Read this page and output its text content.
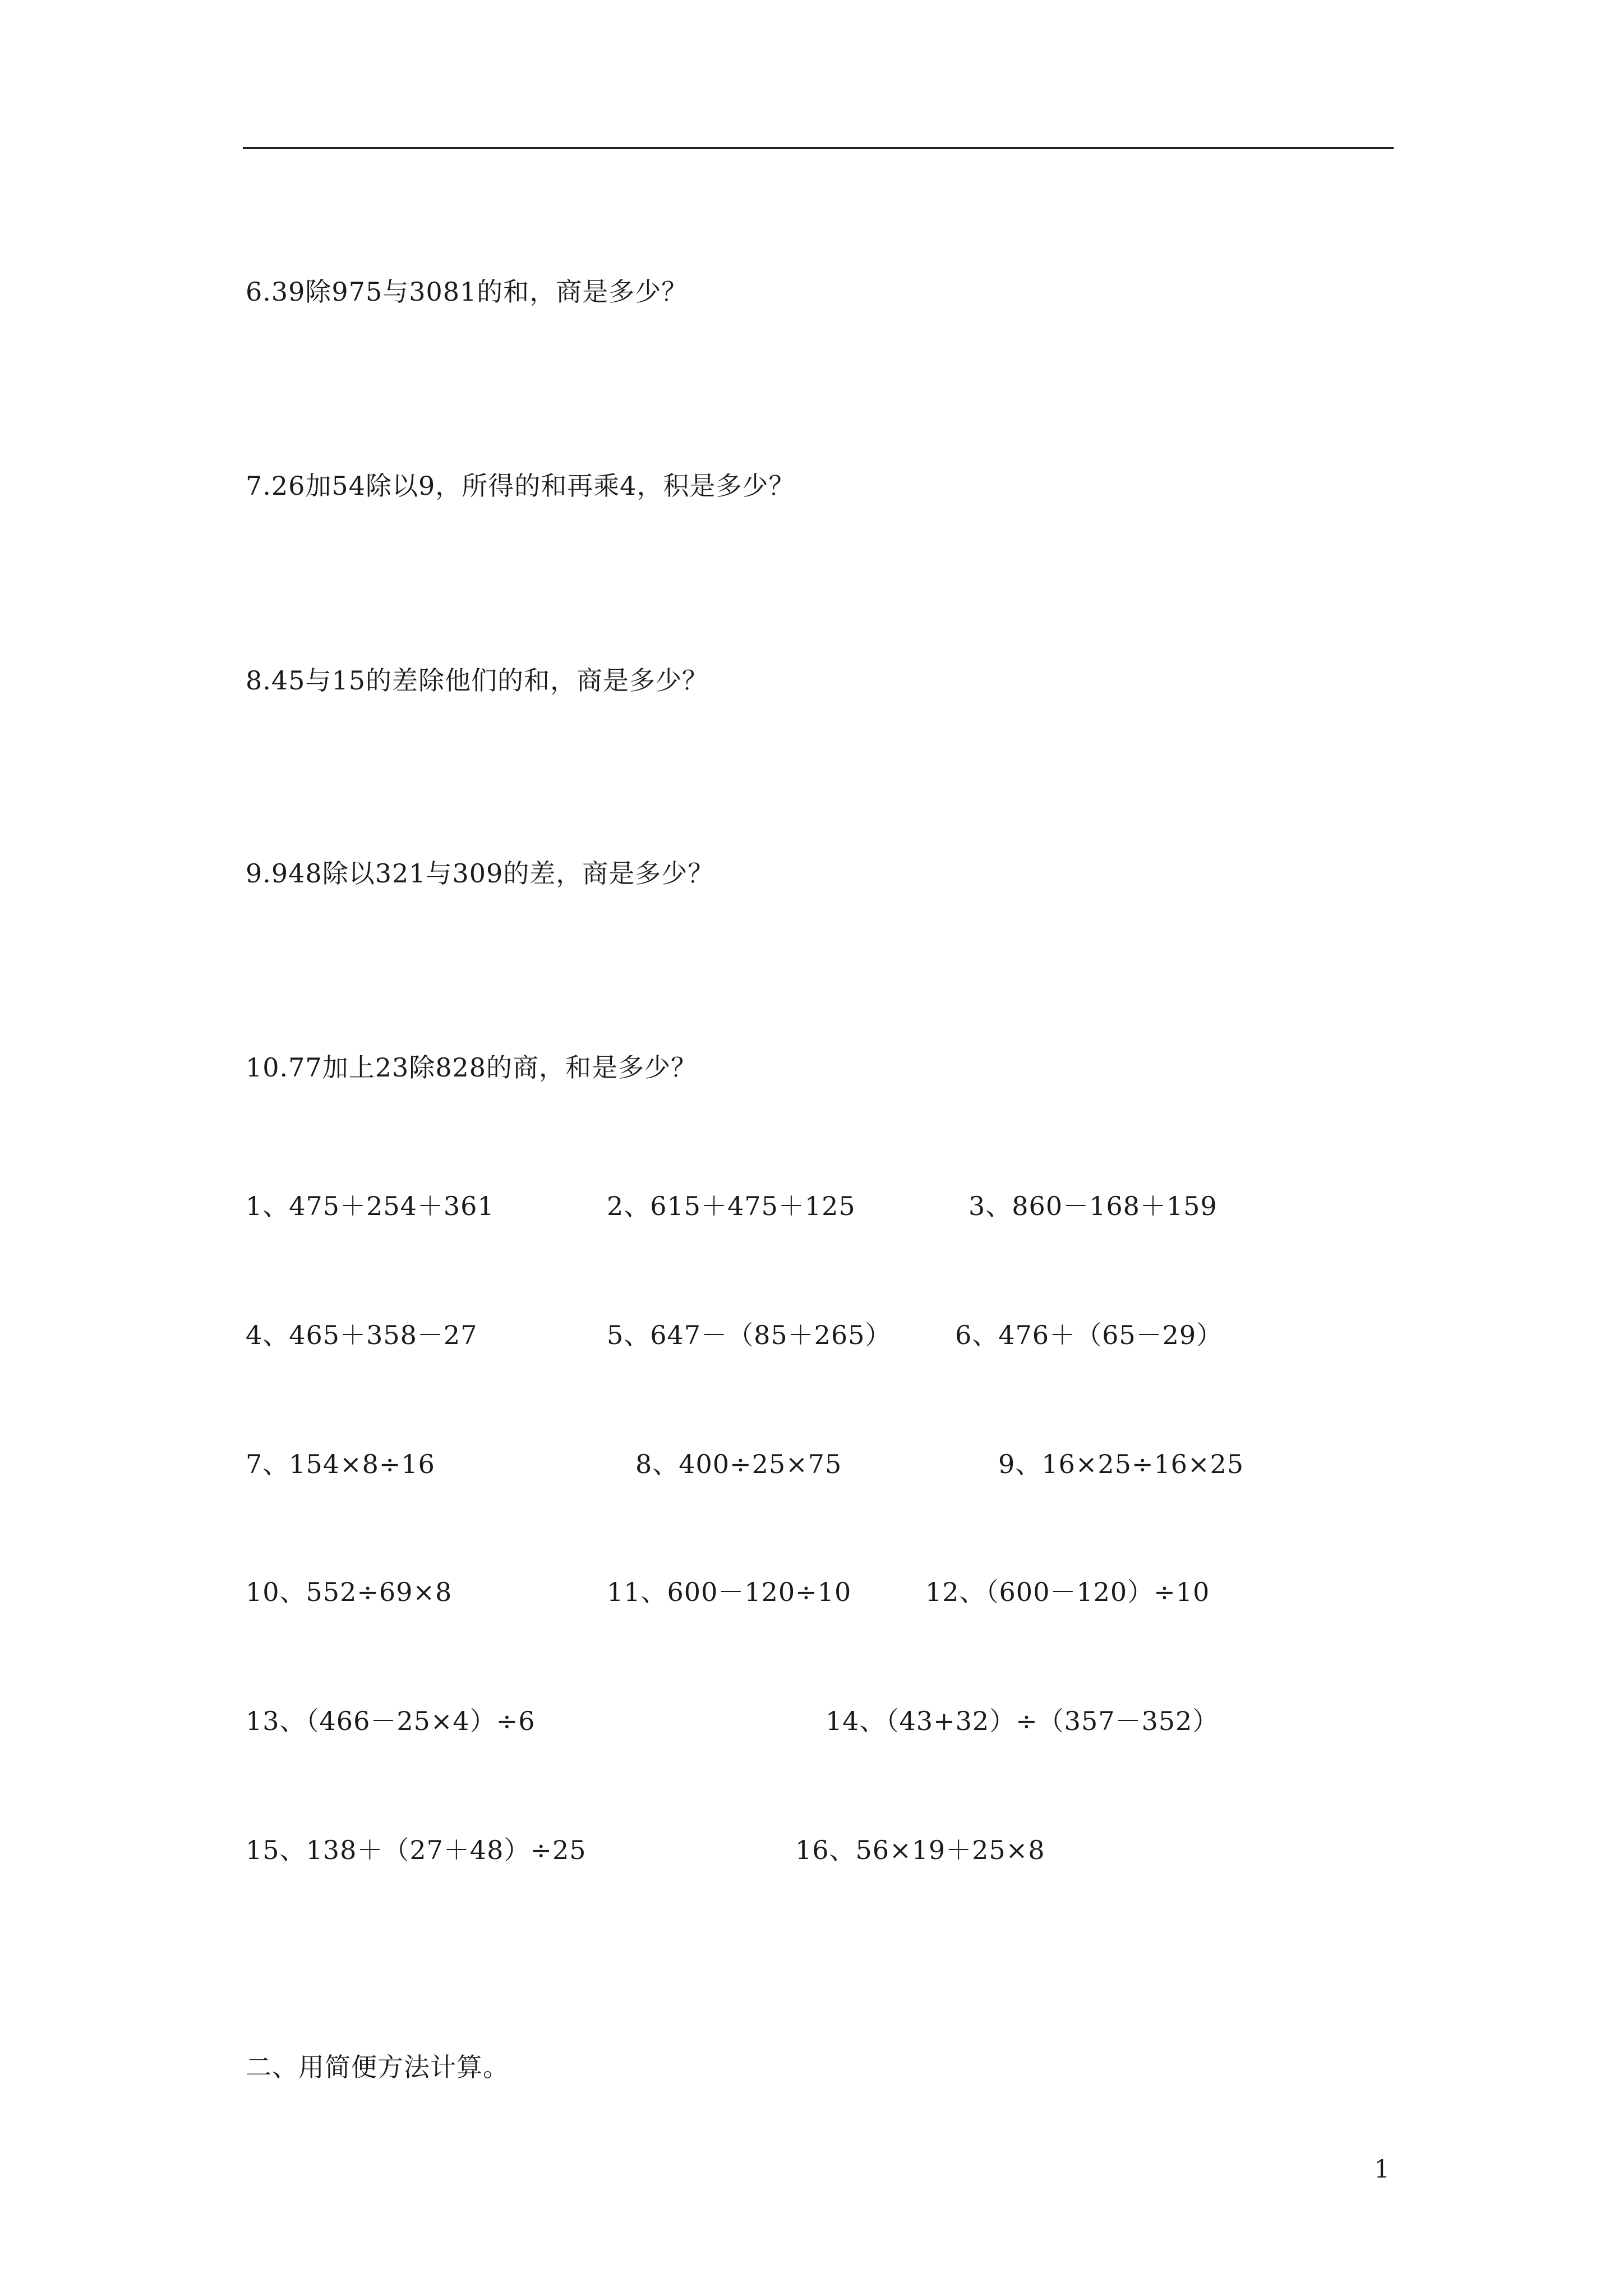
6.39除975与3081的和，商是多少？
7.26加54除以9，所得的和再乘4，积是多少？
8.45与15的差除他们的和，商是多少？
9.948除以321与309的差，商是多少？
10.77加上23除828的商，和是多少？
1、475＋254＋361	2、615＋475＋125	3、860－168＋159
4、465＋358－27	5、647－（85＋265） 6、476＋（65－29）
7、154×8÷16	8、400÷25×75	9、16×25÷16×25
10、552÷69×8	11、600－120÷10	12、（600－120）÷10
13、（466－25×4）÷6	14、（43+32）÷（357－352）
15、138＋（27＋48）÷25	16、56×19＋25×8
二、用简便方法计算。
1
